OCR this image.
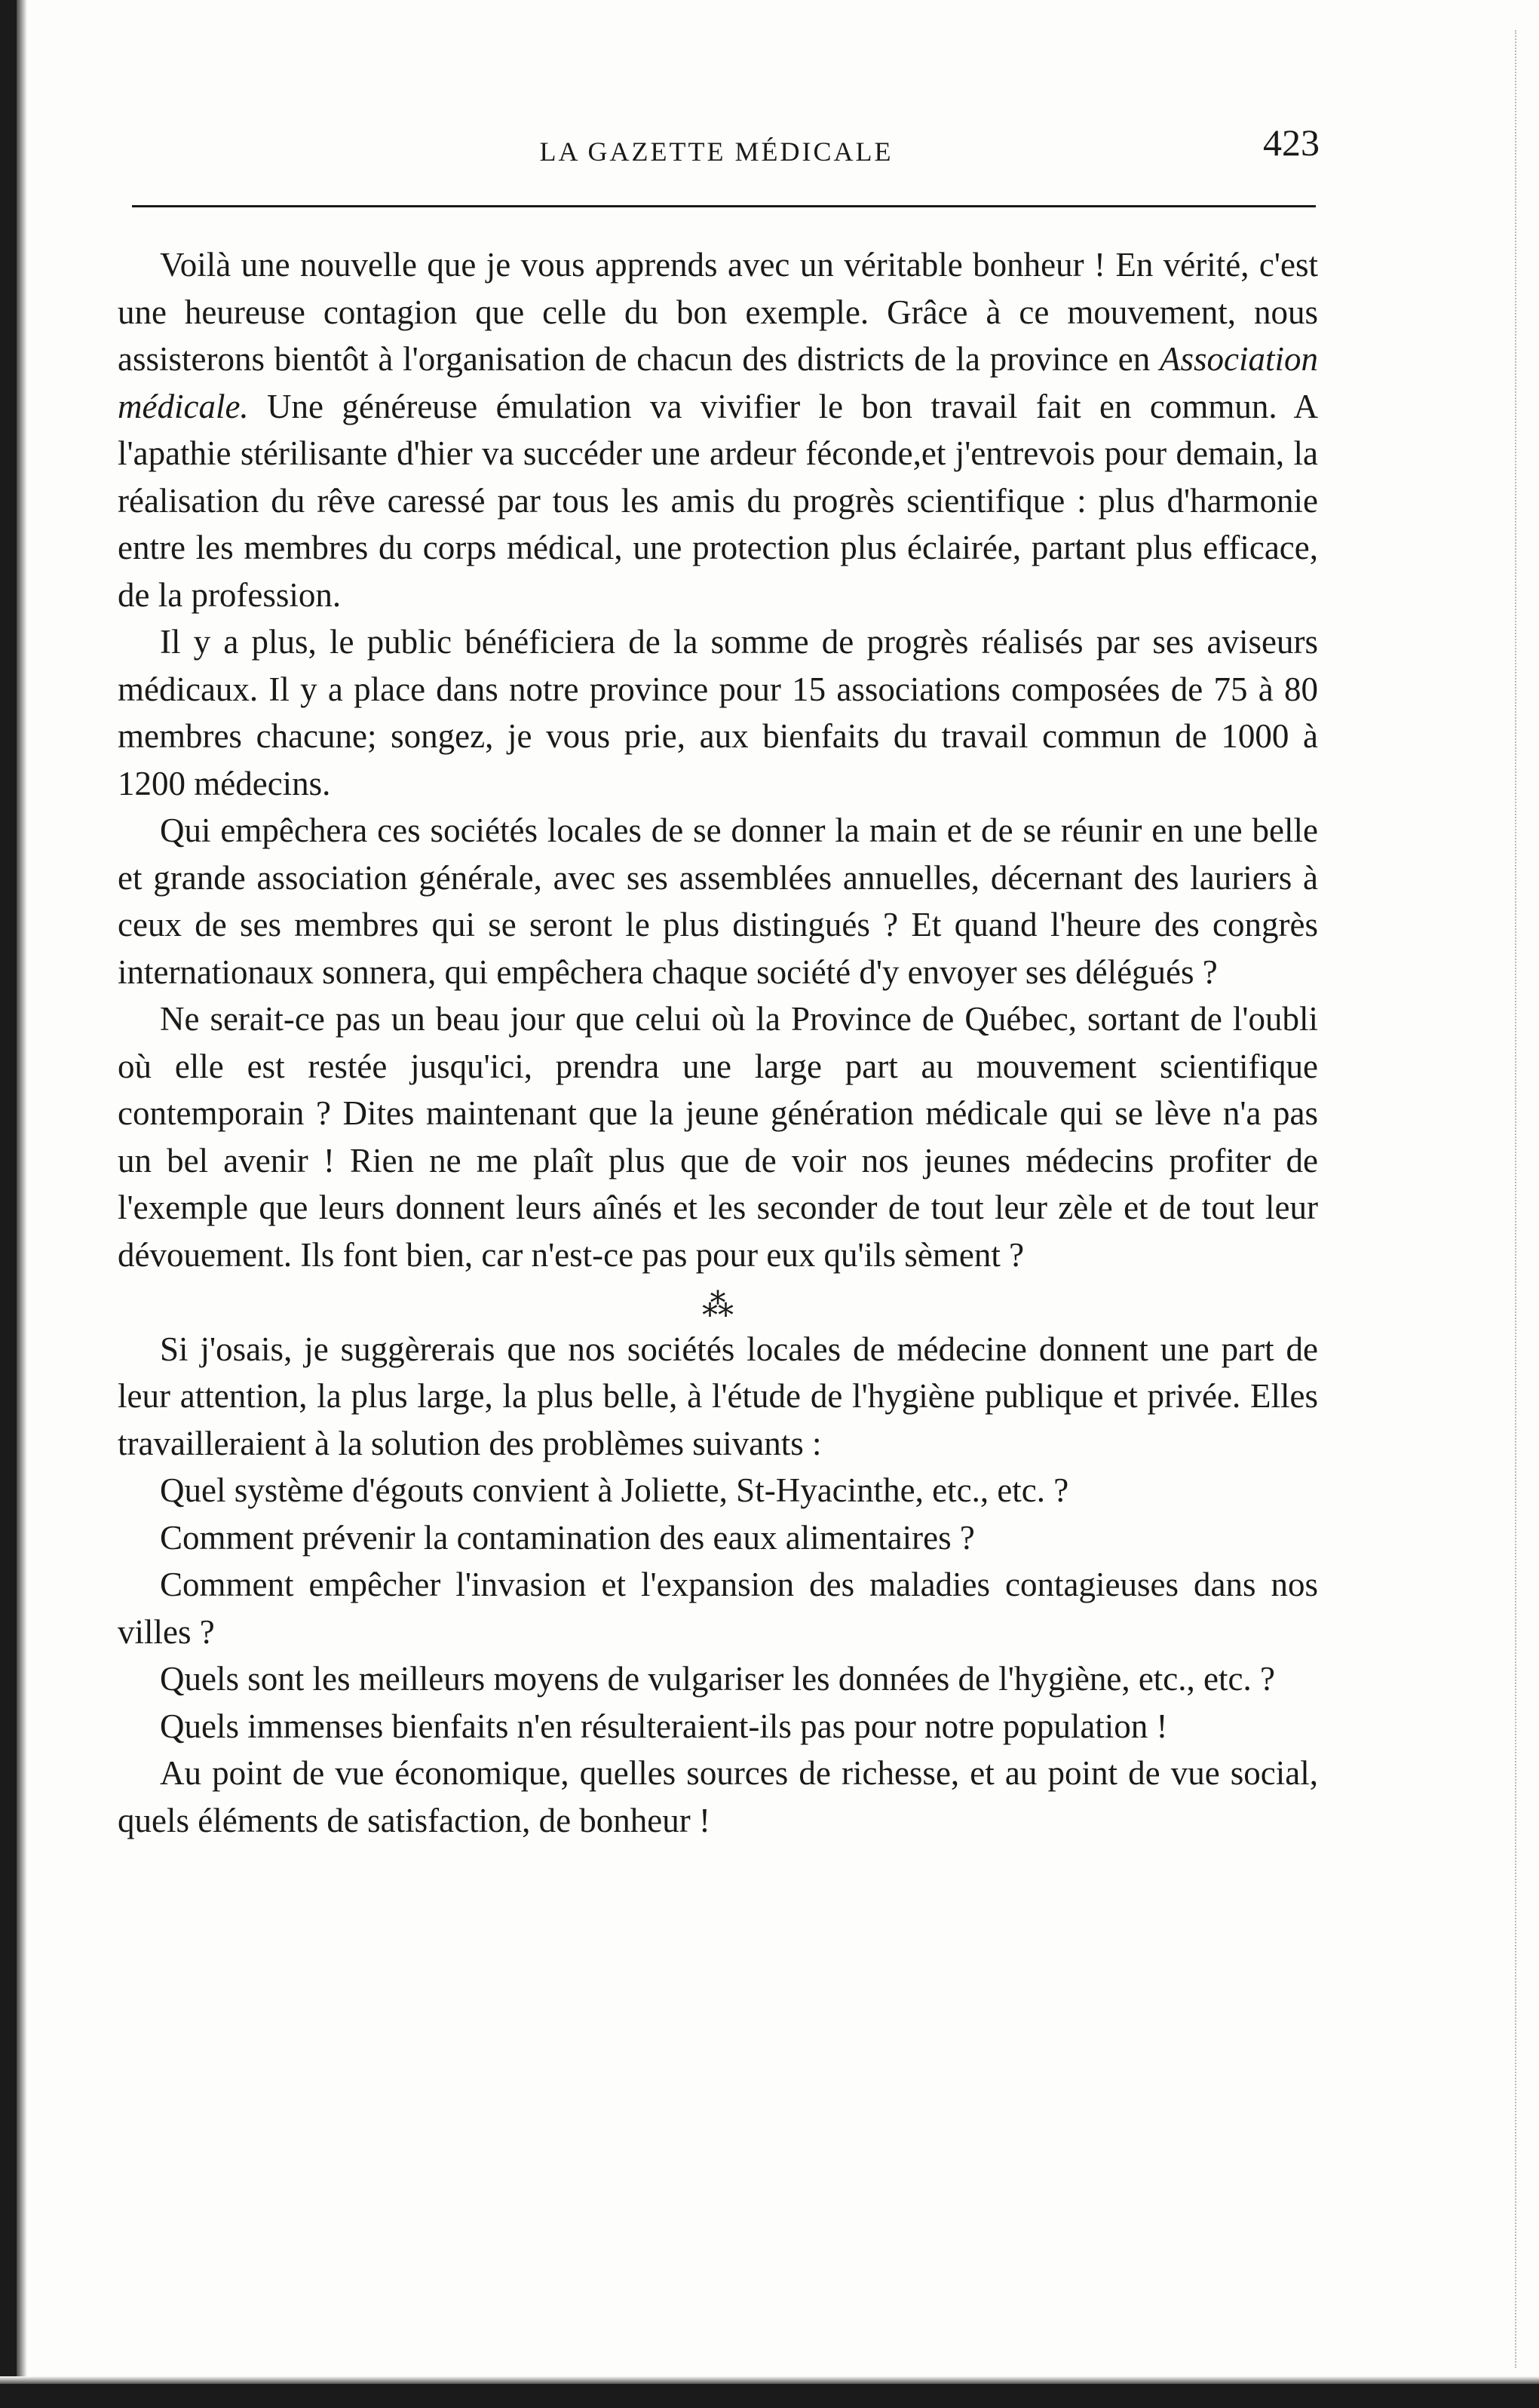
LA GAZETTE MÉDICALE	423

Voilà une nouvelle que je vous apprends avec un véritable bonheur ! En vérité, c'est une heureuse contagion que celle du bon exemple. Grâce à ce mouvement, nous assisterons bientôt à l'organisation de chacun des districts de la province en Association médicale. Une généreuse émulation va vivifier le bon travail fait en commun. A l'apathie stérilisante d'hier va succéder une ardeur féconde,et j'entrevois pour demain, la réalisation du rêve caressé par tous les amis du progrès scientifique : plus d'harmonie entre les membres du corps médical, une protection plus éclairée, partant plus efficace, de la profession.

Il y a plus, le public bénéficiera de la somme de progrès réalisés par ses aviseurs médicaux. Il y a place dans notre province pour 15 associations composées de 75 à 80 membres chacune; songez, je vous prie, aux bienfaits du travail commun de 1000 à 1200 médecins.

Qui empêchera ces sociétés locales de se donner la main et de se réunir en une belle et grande association générale, avec ses assemblées annuelles, décernant des lauriers à ceux de ses membres qui se seront le plus distingués ? Et quand l'heure des congrès internationaux sonnera, qui empêchera chaque société d'y envoyer ses délégués ?

Ne serait-ce pas un beau jour que celui où la Province de Québec, sortant de l'oubli où elle est restée jusqu'ici, prendra une large part au mouvement scientifique contemporain ? Dites maintenant que la jeune génération médicale qui se lève n'a pas un bel avenir ! Rien ne me plaît plus que de voir nos jeunes médecins profiter de l'exemple que leurs donnent leurs aînés et les seconder de tout leur zèle et de tout leur dévouement. Ils font bien, car n'est-ce pas pour eux qu'ils sèment ?

⁂

Si j'osais, je suggèrerais que nos sociétés locales de médecine donnent une part de leur attention, la plus large, la plus belle, à l'étude de l'hygiène publique et privée. Elles travailleraient à la solution des problèmes suivants :

Quel système d'égouts convient à Joliette, St-Hyacinthe, etc., etc. ?

Comment prévenir la contamination des eaux alimentaires ?

Comment empêcher l'invasion et l'expansion des maladies contagieuses dans nos villes ?

Quels sont les meilleurs moyens de vulgariser les données de l'hygiène, etc., etc. ?

Quels immenses bienfaits n'en résulteraient-ils pas pour notre population !

Au point de vue économique, quelles sources de richesse, et au point de vue social, quels éléments de satisfaction, de bonheur !
